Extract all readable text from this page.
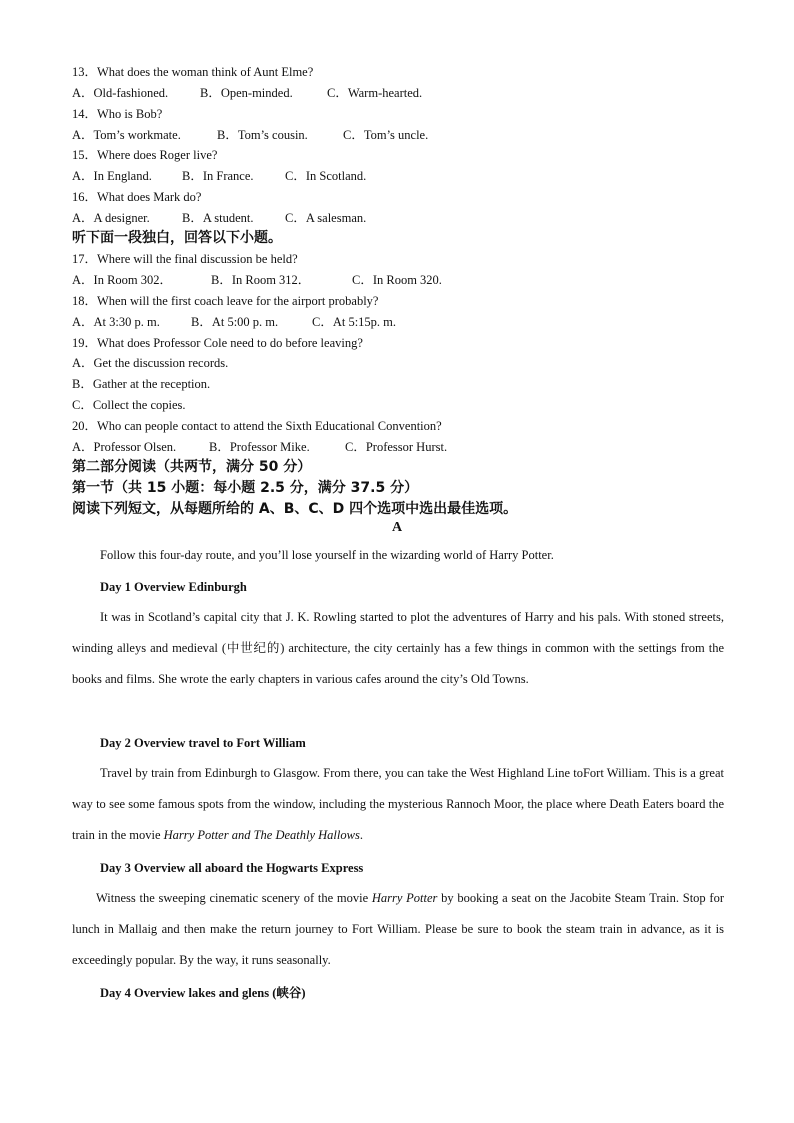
13．What does the woman think of Aunt Elme?
A．Old-fashioned.	B．Open-minded.	C．Warm-hearted.
14．Who is Bob?
A．Tom’s workmate.	B．Tom’s cousin.	C．Tom’s uncle.
15．Where does Roger live?
A．In England. B．In France.	C．In Scotland.
16．What does Mark do?
A．A designer.	B．A student.	C．A salesman.
听下面一段独白，回答以下小题。
17．Where will the final discussion be held?
A．In Room 302．	B．In Room 312．	C．In Room 320.
18．When will the first coach leave for the airport probably?
A．At 3:30 p. m. B．At 5:00 p. m.	C．At 5:15p. m.
19．What does Professor Cole need to do before leaving?
A．Get the discussion records.
B．Gather at the reception.
C．Collect the copies.
20．Who can people contact to attend the Sixth Educational Convention?
A．Professor Olsen.	B．Professor Mike.	C．Professor Hurst.
第二部分阅读（共两节，满分 50 分）
第一节（共 15 小题：每小题 2.5 分，满分 37.5 分）
阅读下列短文，从每题所给的 A、B、C、D 四个选项中选出最佳选项。
A
Follow this four-day route, and you’ll lose yourself in the wizarding world of Harry Potter.
Day 1 Overview Edinburgh
It was in Scotland’s capital city that J. K. Rowling started to plot the adventures of Harry and his pals. With stoned streets, winding alleys and medieval (中世纪的) architecture, the city certainly has a few things in common with the settings from the books and films. She wrote the early chapters in various cafes around the city’s Old Towns.
Day 2 Overview travel to Fort William
Travel by train from Edinburgh to Glasgow. From there, you can take the West Highland Line toFort William. This is a great way to see some famous spots from the window, including the mysterious Rannoch Moor, the place where Death Eaters board the train in the movie Harry Potter and The Deathly Hallows.
Day 3 Overview all aboard the Hogwarts Express
Witness the sweeping cinematic scenery of the movie Harry Potter by booking a seat on the Jacobite Steam Train. Stop for lunch in Mallaig and then make the return journey to Fort William. Please be sure to book the steam train in advance, as it is exceedingly popular. By the way, it runs seasonally.
Day 4 Overview lakes and glens (峡谷)
